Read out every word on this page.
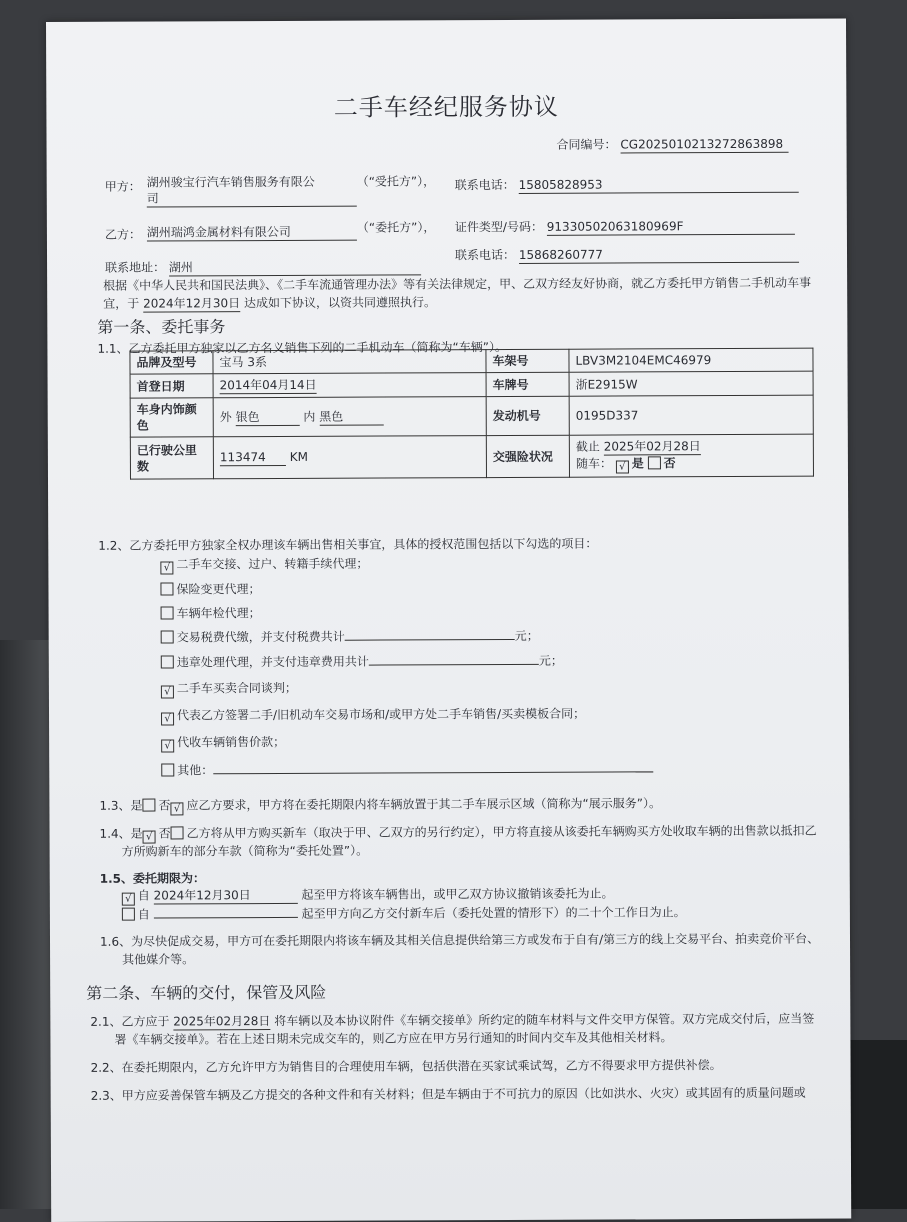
二手车经纪服务协议
合同编号： CG2025010213272863898
甲方： 湖州骏宝行汽车销售服务有限公
司
（“受托方”）， 联系电话： 15805828953
乙方： 湖州瑞鸿金属材料有限公司	（“委托方”）， 证件类型/号码： 91330502063180969F
联系地址： 湖州
联系电话： 15868260777
根据《中华人民共和国民法典》、《二手车流通管理办法》等有关法律规定，甲、乙双方经友好协商，就乙方委托甲方销售二手机动车事
宜，于 2024年12月30日 达成如下协议，以资共同遵照执行。
第一条、委托事务
1.1、乙方委托甲方独家以乙方名义销售下列的二手机动车（简称为“车辆”）。
品牌及型号	宝马 3系	车架号	LBV3M2104EMC46979
首登日期	2014年04月14日	车牌号	浙E2915W
车身内饰颜色	外 银色 内 黑色	发动机号	0195D337
已行驶公里数	113474 KM	交强险状况	截止 2025年02月28日
随车： √ 是 否
1.2、乙方委托甲方独家全权办理该车辆出售相关事宜，具体的授权范围包括以下勾选的项目：
√ 二手车交接、过户、转籍手续代理；
保险变更代理；
车辆年检代理；
交易税费代缴，并支付税费共计	元；
违章处理代理，并支付违章费用共计	元；
√ 二手车买卖合同谈判；
√ 代表乙方签署二手/旧机动车交易市场和/或甲方处二手车销售/买卖模板合同；
√ 代收车辆销售价款；
其他：
1.3、是 否 √ 应乙方要求，甲方将在委托期限内将车辆放置于其二手车展示区域（简称为“展示服务”）。
1.4、是 √ 否 乙方将从甲方购买新车（取决于甲、乙双方的另行约定），甲方将直接从该委托车辆购买方处收取车辆的出售款以抵扣乙
方所购新车的部分车款（简称为“委托处置”）。
1.5、委托期限为：
√ 自 2024年12月30日	起至甲方将该车辆售出，或甲乙双方协议撤销该委托为止。
自	起至甲方向乙方交付新车后（委托处置的情形下）的二十个工作日为止。
1.6、为尽快促成交易，甲方可在委托期限内将该车辆及其相关信息提供给第三方或发布于自有/第三方的线上交易平台、拍卖竞价平台、
其他媒介等。
第二条、车辆的交付，保管及风险
2.1、乙方应于 2025年02月28日 将车辆以及本协议附件《车辆交接单》所约定的随车材料与文件交甲方保管。双方完成交付后，应当签
署《车辆交接单》。若在上述日期未完成交车的，则乙方应在甲方另行通知的时间内交车及其他相关材料。
2.2、在委托期限内，乙方允许甲方为销售目的合理使用车辆，包括供潜在买家试乘试驾，乙方不得要求甲方提供补偿。
2.3、甲方应妥善保管车辆及乙方提交的各种文件和有关材料；但是车辆由于不可抗力的原因（比如洪水、火灾）或其固有的质量问题或
